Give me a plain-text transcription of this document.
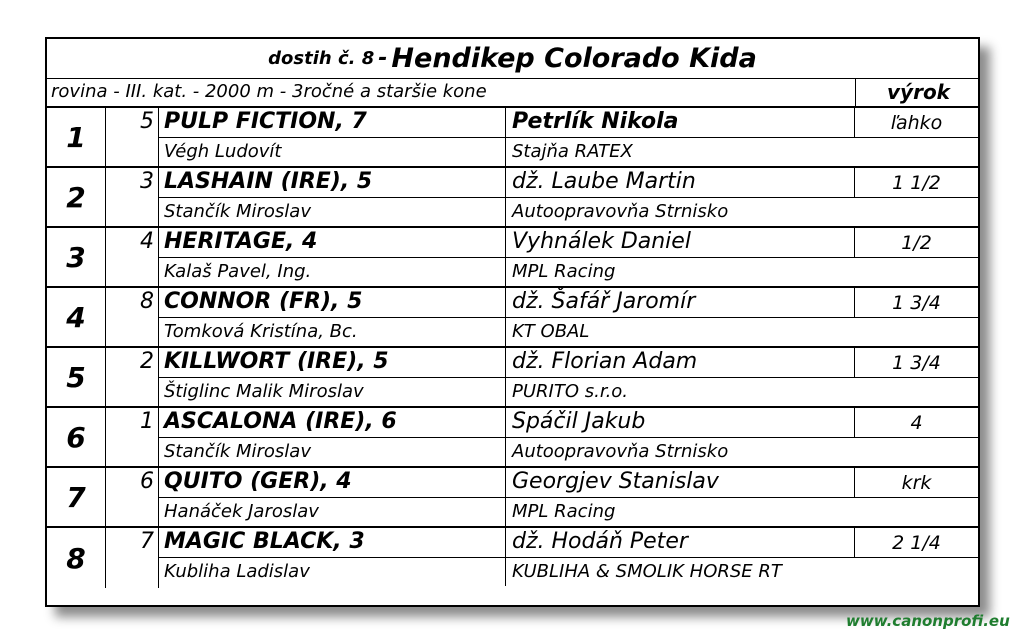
dostih č. 8 - Hendikep Colorado Kida
rovina - III. kat. - 2000 m - 3ročné a staršie kone	výrok
1	5 PULP FICTION, 7	Petrlík Nikola	ľahko
Végh Ludovít	Stajňa RATEX
2	3 LASHAIN (IRE), 5	dž. Laube Martin	1 1/2
Stančík Miroslav	Autoopravovňa Strnisko
3	4 HERITAGE, 4	Vyhnálek Daniel	1/2
Kalaš Pavel, Ing.	MPL Racing
4	8 CONNOR (FR), 5	dž. Šafář Jaromír	1 3/4
Tomková Kristína, Bc.	KT OBAL
5	2 KILLWORT (IRE), 5	dž. Florian Adam	1 3/4
Štiglinc Malik Miroslav	PURITO s.r.o.
6	1 ASCALONA (IRE), 6	Spáčil Jakub	4
Stančík Miroslav	Autoopravovňa Strnisko
7	6 QUITO (GER), 4	Georgjev Stanislav	krk
Hanáček Jaroslav	MPL Racing
8	7 MAGIC BLACK, 3	dž. Hodáň Peter	2 1/4
Kubliha Ladislav	KUBLIHA & SMOLIK HORSE RT
www.canonprofi.eu
